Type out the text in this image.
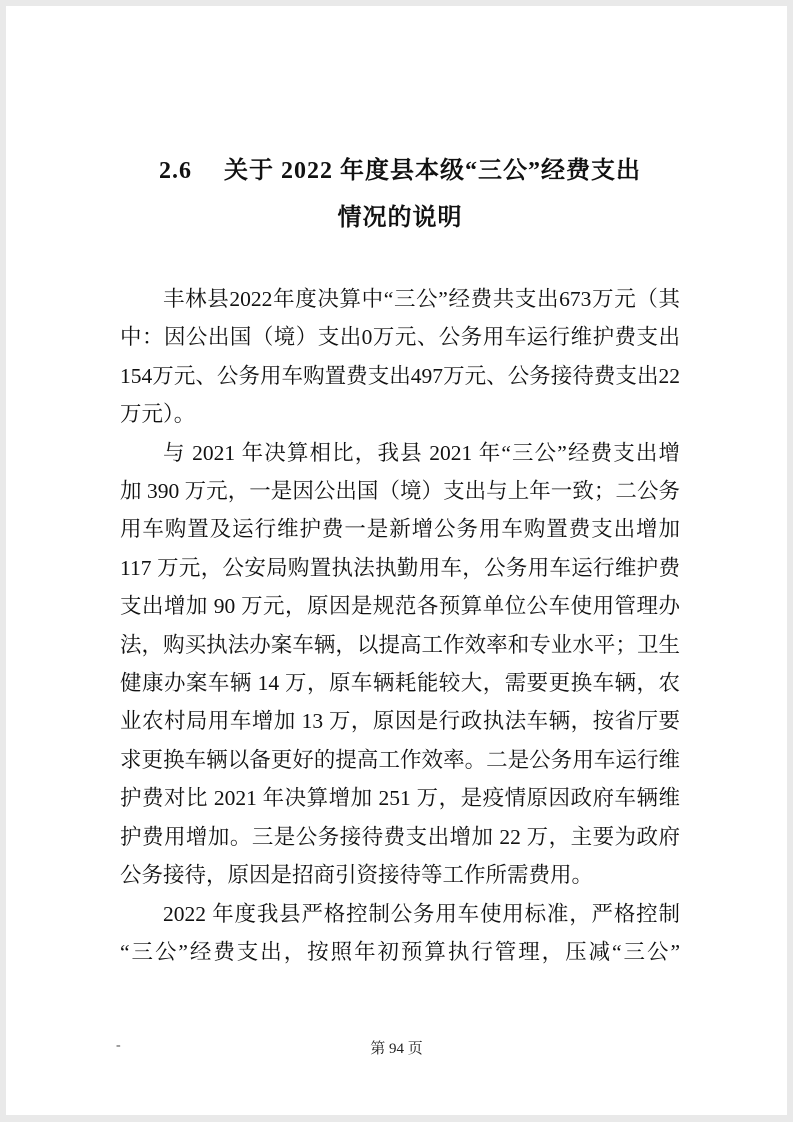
2.6　 关于 2022 年度县本级“三公”经费支出
情况的说明
丰林县2022年度决算中“三公”经费共支出673万元（其
中：因公出国（境）支出0万元、公务用车运行维护费支出
154万元、公务用车购置费支出497万元、公务接待费支出22
万元）。
与 2021 年决算相比，我县 2021 年“三公”经费支出增
加 390 万元，一是因公出国（境）支出与上年一致；二公务
用车购置及运行维护费一是新增公务用车购置费支出增加
117 万元，公安局购置执法执勤用车，公务用车运行维护费
支出增加 90 万元，原因是规范各预算单位公车使用管理办
法，购买执法办案车辆，以提高工作效率和专业水平；卫生
健康办案车辆 14 万，原车辆耗能较大，需要更换车辆，农
业农村局用车增加 13 万，原因是行政执法车辆，按省厅要
求更换车辆以备更好的提高工作效率。二是公务用车运行维
护费对比 2021 年决算增加 251 万，是疫情原因政府车辆维
护费用增加。三是公务接待费支出增加 22 万，主要为政府
公务接待，原因是招商引资接待等工作所需费用。
2022 年度我县严格控制公务用车使用标准，严格控制
“三公”经费支出，按照年初预算执行管理，压减“三公”
-	第 94 页
